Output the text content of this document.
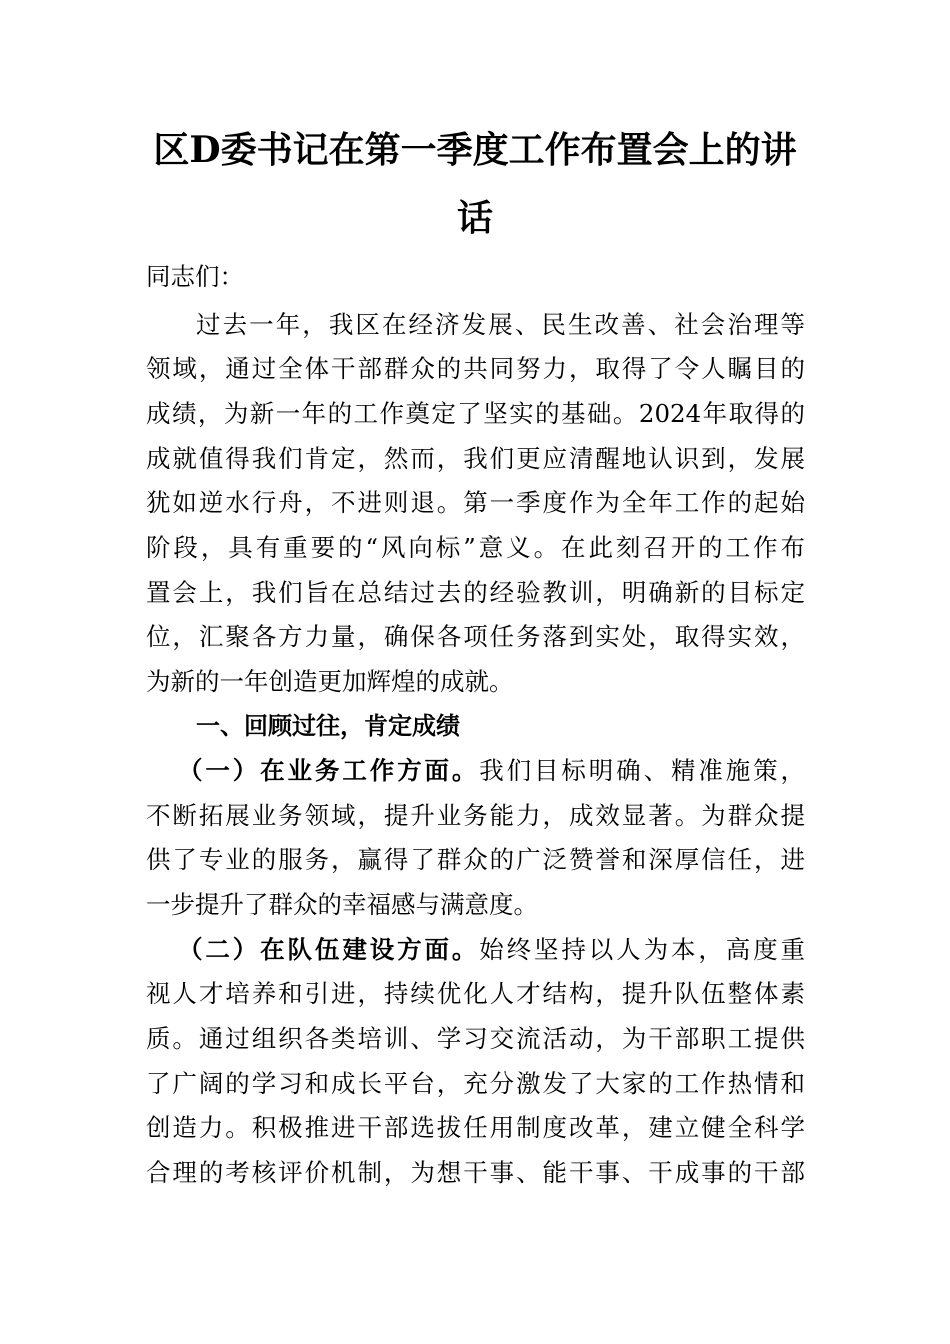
区D委书记在第一季度工作布置会上的讲
话
同志们：
过去一年，我区在经济发展、民生改善、社会治理等
领域，通过全体干部群众的共同努力，取得了令人瞩目的
成绩，为新一年的工作奠定了坚实的基础。2024年取得的
成就值得我们肯定，然而，我们更应清醒地认识到，发展
犹如逆水行舟，不进则退。第一季度作为全年工作的起始
阶段，具有重要的“风向标”意义。在此刻召开的工作布
置会上，我们旨在总结过去的经验教训，明确新的目标定
位，汇聚各方力量，确保各项任务落到实处，取得实效，
为新的一年创造更加辉煌的成就。
一、回顾过往，肯定成绩
（一）在业务工作方面。我们目标明确、精准施策，
不断拓展业务领域，提升业务能力，成效显著。为群众提
供了专业的服务，赢得了群众的广泛赞誉和深厚信任，进
一步提升了群众的幸福感与满意度。
（二）在队伍建设方面。始终坚持以人为本，高度重
视人才培养和引进，持续优化人才结构，提升队伍整体素
质。通过组织各类培训、学习交流活动，为干部职工提供
了广阔的学习和成长平台，充分激发了大家的工作热情和
创造力。积极推进干部选拔任用制度改革，建立健全科学
合理的考核评价机制，为想干事、能干事、干成事的干部
